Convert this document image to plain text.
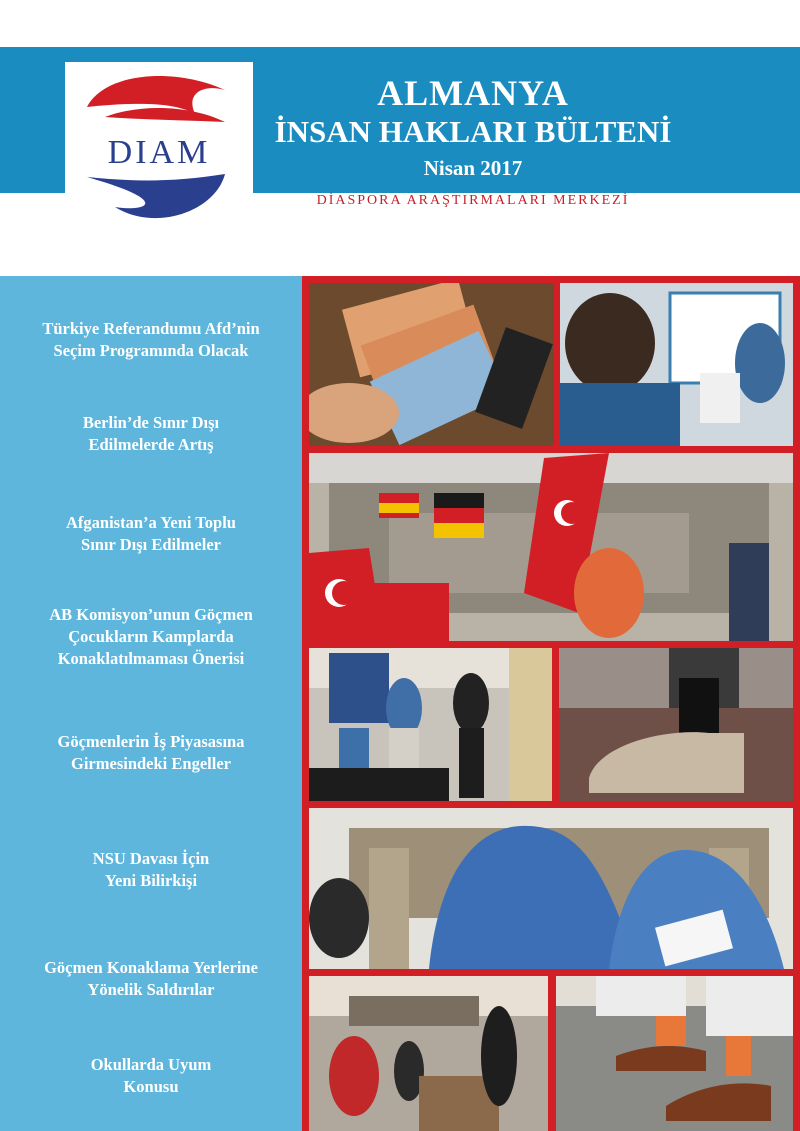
DIAM
ALMANYA
İNSAN HAKLARI BÜLTENİ
Nisan 2017
DİASPORA ARAŞTIRMALARI MERKEZİ
Türkiye Referandumu Afd’nin
Seçim Programında Olacak
Berlin’de Sınır Dışı
Edilmelerde Artış
Afganistan’a Yeni Toplu
Sınır Dışı Edilmeler
AB Komisyon’unun Göçmen
Çocukların Kamplarda
Konaklatılmaması Önerisi
Göçmenlerin İş Piyasasına
Girmesindeki Engeller
NSU Davası İçin
Yeni Bilirkişi
Göçmen Konaklama Yerlerine
Yönelik Saldırılar
Okullarda Uyum
Konusu
